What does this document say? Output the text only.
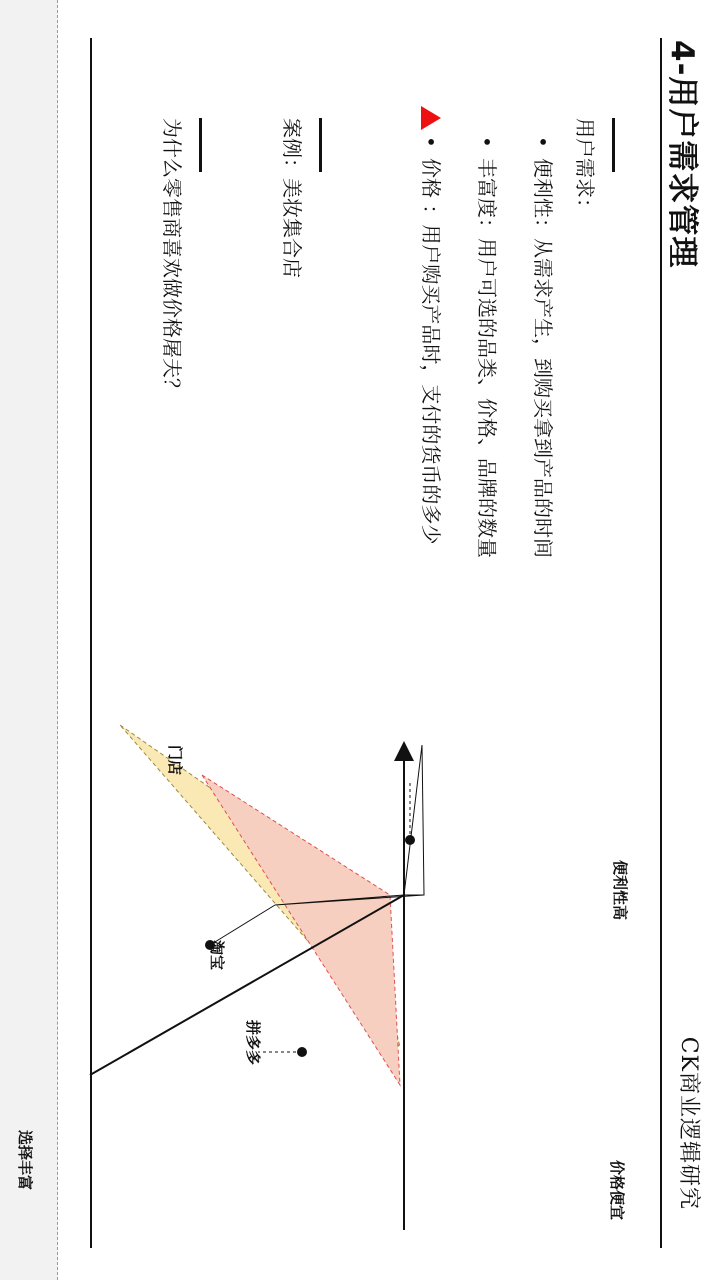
4-用户需求管理
CK商业逻辑研究
用户需求：
•
便利性：从需求产生，到购买拿到产品的时间
•
丰富度：用户可选的品类、价格、品牌的数量
•
价格 ：用户购买产品时，支付的货币的多少
案例：美妆集合店
为什么零售商喜欢做价格屠夫？
便利性高
门店
淘宝
拼多多
选择丰富	价格便宜
